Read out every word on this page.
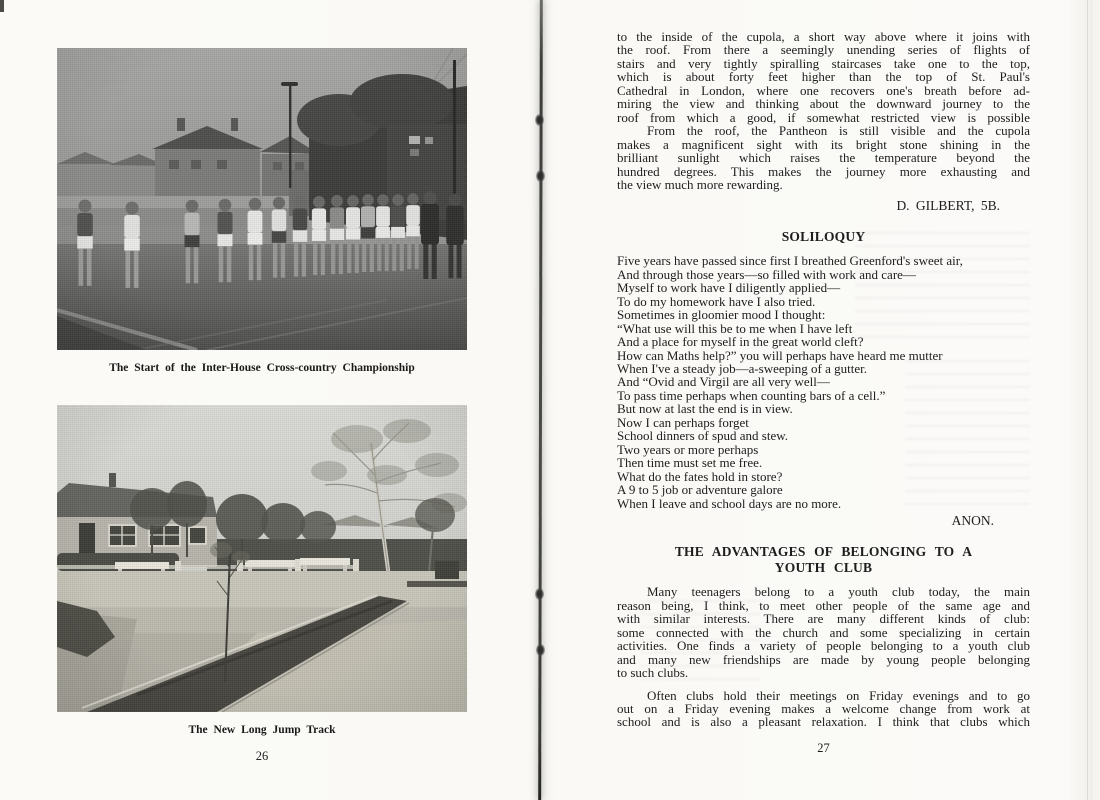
The Start of the Inter-House Cross-country Championship
The New Long Jump Track
26
to the inside of the cupola, a short way above where it joins with
the roof. From there a seemingly unending series of flights of
stairs and very tightly spiralling staircases take one to the top,
which is about forty feet higher than the top of St. Paul's
Cathedral in London, where one recovers one's breath before ad-
miring the view and thinking about the downward journey to the
roof from which a good, if somewhat restricted view is possible
From the roof, the Pantheon is still visible and the cupola
makes a magnificent sight with its bright stone shining in the
brilliant sunlight which raises the temperature beyond the
hundred degrees. This makes the journey more exhausting and
the view much more rewarding.
D. GILBERT, 5B.
SOLILOQUY
Five years have passed since first I breathed Greenford's sweet air,
And through those years—so filled with work and care—
Myself to work have I diligently applied—
To do my homework have I also tried.
Sometimes in gloomier mood I thought:
“What use will this be to me when I have left
And a place for myself in the great world cleft?
How can Maths help?” you will perhaps have heard me mutter
When I've a steady job—a-sweeping of a gutter.
And “Ovid and Virgil are all very well—
To pass time perhaps when counting bars of a cell.”
But now at last the end is in view.
Now I can perhaps forget
School dinners of spud and stew.
Two years or more perhaps
Then time must set me free.
What do the fates hold in store?
A 9 to 5 job or adventure galore
When I leave and school days are no more.
ANON.
THE ADVANTAGES OF BELONGING TO A
YOUTH CLUB
Many teenagers belong to a youth club today, the main
reason being, I think, to meet other people of the same age and
with similar interests. There are many different kinds of club:
some connected with the church and some specializing in certain
activities. One finds a variety of people belonging to a youth club
and many new friendships are made by young people belonging
to such clubs.
Often clubs hold their meetings on Friday evenings and to go
out on a Friday evening makes a welcome change from work at
school and is also a pleasant relaxation. I think that clubs which
27
